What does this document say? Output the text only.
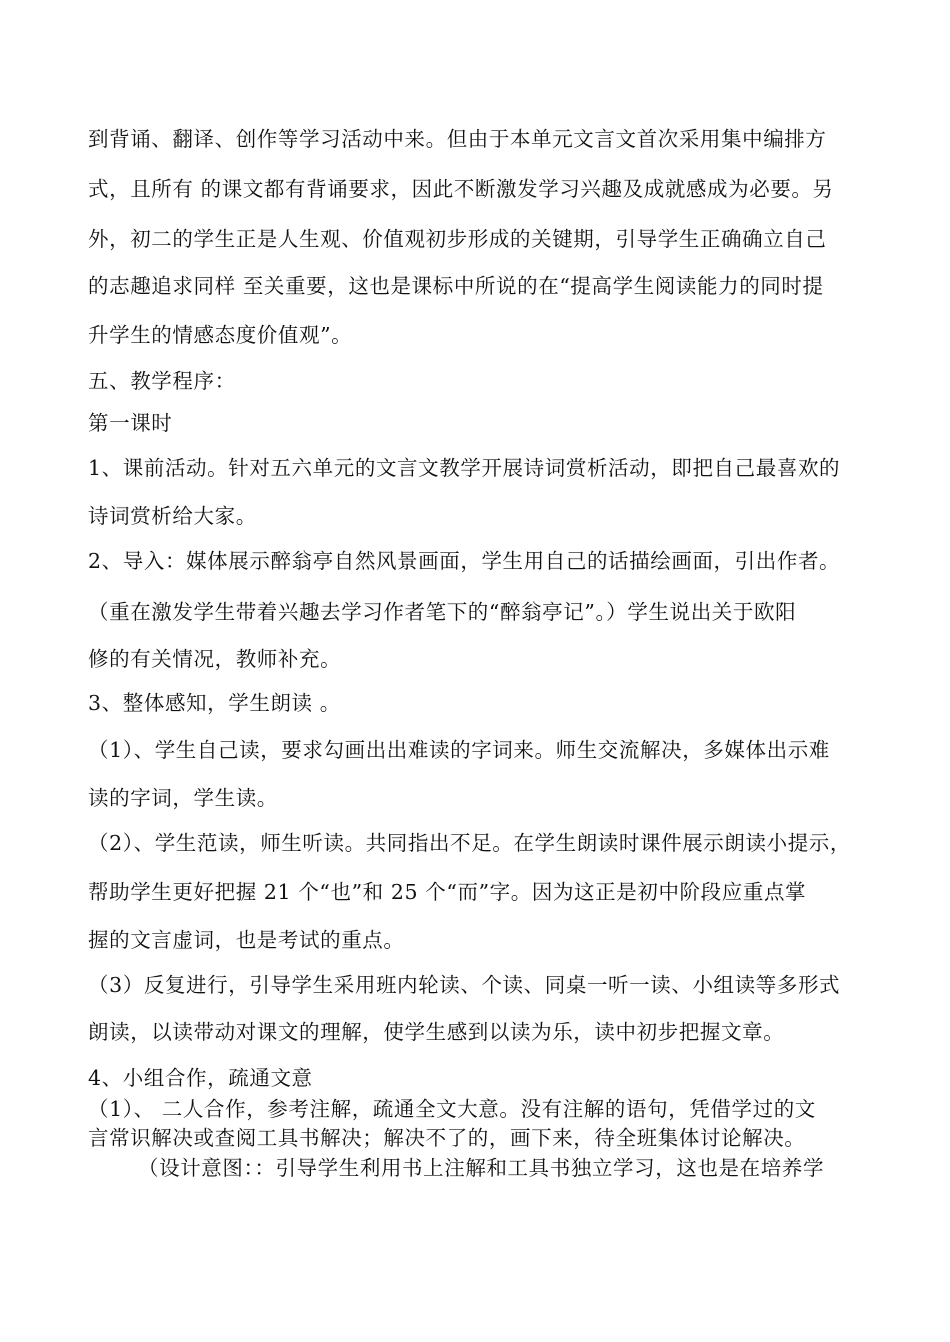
到背诵、翻译、创作等学习活动中来。但由于本单元文言文首次采用集中编排方
式，且所有 的课文都有背诵要求，因此不断激发学习兴趣及成就感成为必要。另
外，初二的学生正是人生观、价值观初步形成的关键期，引导学生正确确立自己
的志趣追求同样 至关重要，这也是课标中所说的在“提高学生阅读能力的同时提
升学生的情感态度价值观”。
五、教学程序：
第一课时
1、课前活动。针对五六单元的文言文教学开展诗词赏析活动，即把自己最喜欢的
诗词赏析给大家。
2、导入：媒体展示醉翁亭自然风景画面，学生用自己的话描绘画面，引出作者。
（重在激发学生带着兴趣去学习作者笔下的“醉翁亭记”。）学生说出关于欧阳
修的有关情况，教师补充。
3、整体感知，学生朗读 。
（1）、学生自己读，要求勾画出出难读的字词来。师生交流解决，多媒体出示难
读的字词，学生读。
（2）、学生范读，师生听读。共同指出不足。在学生朗读时课件展示朗读小提示，
帮助学生更好把握 21 个“也”和 25 个“而”字。因为这正是初中阶段应重点掌
握的文言虚词，也是考试的重点。
（3）反复进行，引导学生采用班内轮读、个读、同桌一听一读、小组读等多形式
朗读，以读带动对课文的理解，使学生感到以读为乐，读中初步把握文章。
4、小组合作，疏通文意
（1）、 二人合作，参考注解，疏通全文大意。没有注解的语句，凭借学过的文
言常识解决或查阅工具书解决；解决不了的，画下来，待全班集体讨论解决。
（设计意图：：引导学生利用书上注解和工具书独立学习，这也是在培养学
